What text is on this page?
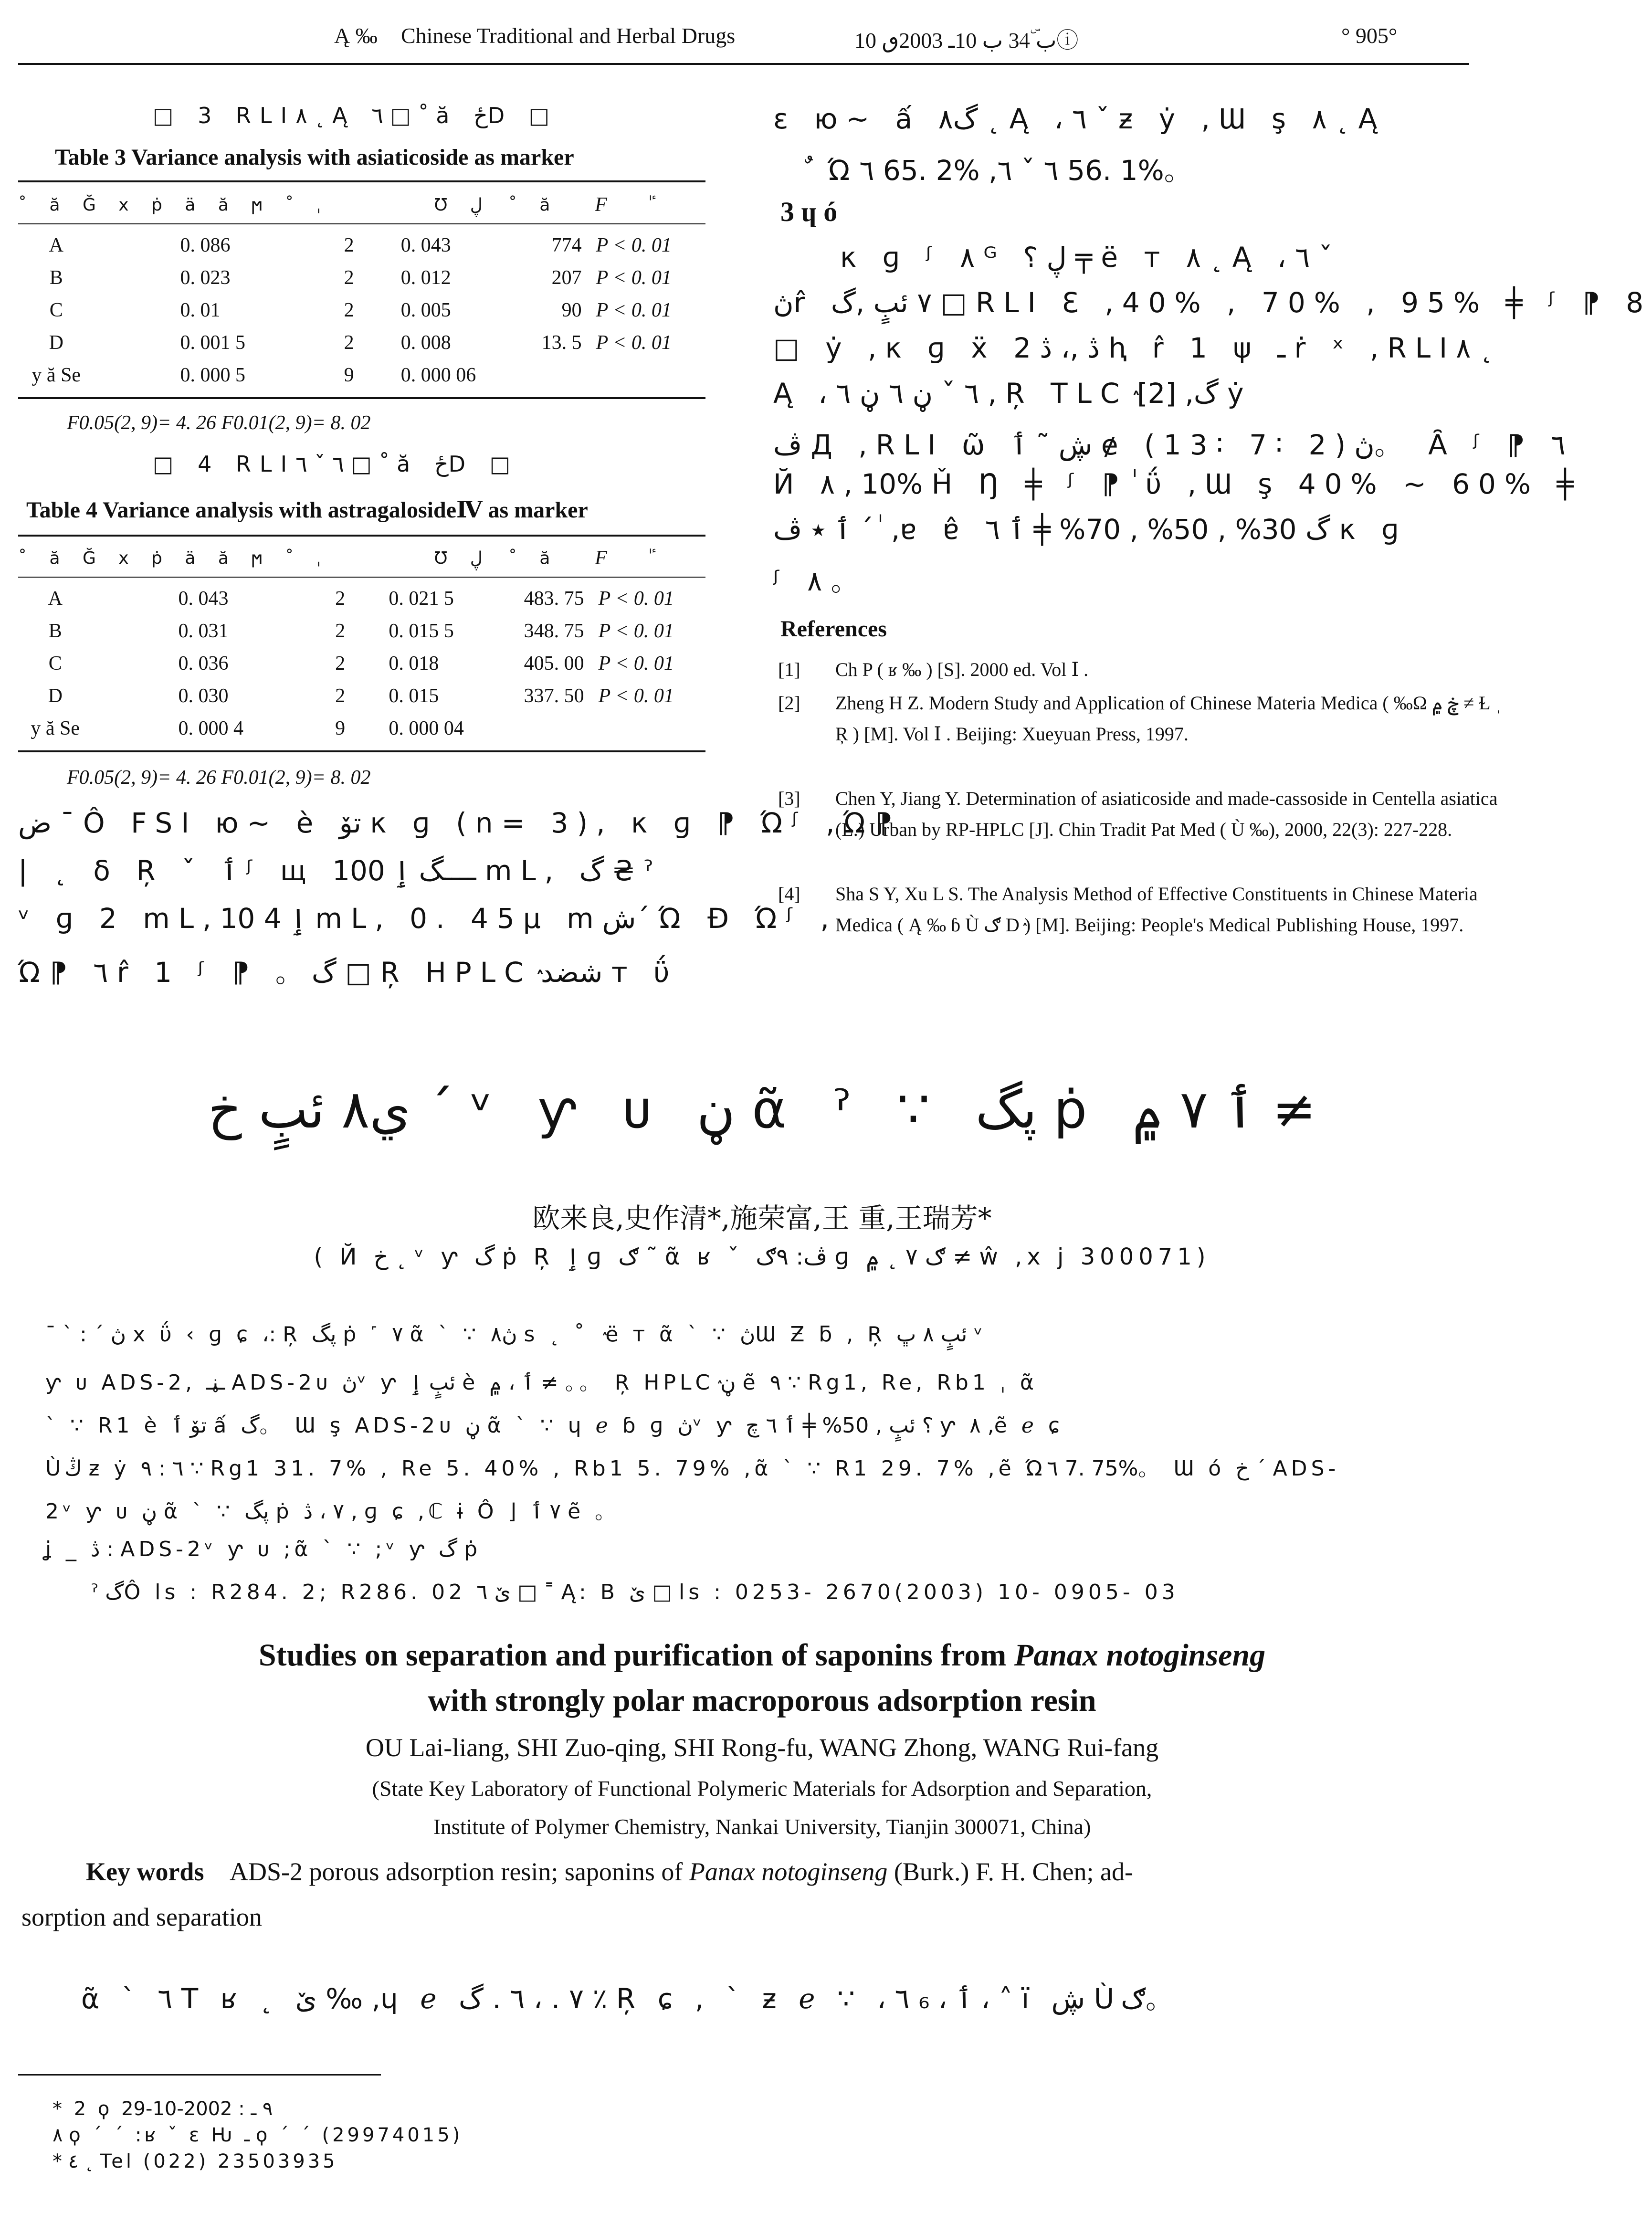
Ą ‰ Chinese Traditional and Herbal Drugs	ب 34ۜ ب 10ـ 2003ٯ 10ⓘ	° 905°
□ 3 RLI٨ ˛ Ą ٦ □ ˚ ă ځD □
Table 3 Variance analysis with asiaticoside as marker
˚ ă Ğ x ṗ ä ă ϻ ˚ ˌ		Ʊ ڸ	˚ ă	F	ٰ ٴ
A	0. 086	2	0. 043	774	P < 0. 01
B	0. 023	2	0. 012	207	P < 0. 01
C	0. 01	2	0. 005	90	P < 0. 01
D	0. 001 5	2	0. 008	13. 5	P < 0. 01
y ă Se	0. 000 5	9	0. 000 06		
F0.05(2, 9)= 4. 26 F0.01(2, 9)= 8. 02
□ 4 RLI٦ ˇ ٦ □ ˚ ă ځD □
Table 4 Variance analysis with astragalosideⅣ as marker
˚ ă Ğ x ṗ ä ă ϻ ˚ ˌ		Ʊ ڸ	˚ ă	F	ٰ ٴ
A	0. 043	2	0. 021 5	483. 75	P < 0. 01
B	0. 031	2	0. 015 5	348. 75	P < 0. 01
C	0. 036	2	0. 018	405. 00	P < 0. 01
D	0. 030	2	0. 015	337. 50	P < 0. 01
y ă Se	0. 000 4	9	0. 000 04		
F0.05(2, 9)= 4. 26 F0.01(2, 9)= 8. 02
ض ¯ Ô FSI ю~ è تۆ κ ɡ (n= 3), κ ɡ ⁋ Ώᶴ ,Ώ⁋
| ˛ δ Ŗ ˇ ٲ ᶴ щ ــــگ ٳ 100 mL, گ ₴ ˀ
ᵛ ɡ 2 mL,ٳ 4 10 mL, 0. 45μ mش´ Ώ Ɖ Ώᶴ ,
Ώ⁋ ٦ r̂ 1 ᶴ ⁋ 。گ □ Ŗ HPLCٛ شضد т ΰ
ɛ ю~ ấ گ٨ ˛ Ą ، ٦ ˇ ƶ ẏ ,Ɯ ş ٨ ˛ Ą
ٌ Ώ٦ 65. 2% ,٦ ˇ ٦ 56. 1%。
3 ɥ ó
κ ɡ ᶴ ٨ ᴳ ڸ ؟ ╤ ë т ٨ ˛ Ą ، ٦ ˇ
ڽr̂ ٧ ئبٍ ,گ □ RLI Ɛ ,40% , 70% , 95% ╪ ᶴ ⁋ 8
□ ẏ ,κ ɡ ẍ ڎ ,، ڎ 2 ⱨ r̂ 1 ψ ـ ṙ ˣ ,RLI٨ ˛
Ą ، ٦ ˇ ڼ ٦ ڼ ٦ , Ŗ TLCٛ [2] ,گ ẏ
ڤ Д ,RLI ῶ ڜ ˜ ٲ ɇ (13∶ 7∶ 2)ڽ。 Ȃ ᶴ ⁋ ٦
Й ٨ , 10% Ȟ Ŋ ╪ ᶴ ⁋ ٰ ΰ ,Ɯ ş 40% ~ 60% ╪
ٲ ٭ ڤ ´ ٰ ,ɐ ɐ̂ گ 30% , 50% , 70% ╪ ٲ ٦ κ ɡ
ᶴ ٨ 。
References
[1] Ch P ( ʁ ‰ ) [S]. 2000 ed. Vol Ⅰ .
[2] Zheng H Z. Modern Study and Application of Chinese Materia Medica ( ‰Ω ڿ ۾ ≠ Ɫ ˌ Ŗ ) [M]. Vol Ⅰ . Beijing: Xueyuan Press, 1997.
[3] Chen Y, Jiang Y. Determination of asiaticoside and made-cassoside in Centella asiatica (L.) Urban by RP-HPLC [J]. Chin Tradit Pat Med ( Ù ‰), 2000, 22(3): 227-228.
[4] Sha S Y, Xu L S. The Analysis Method of Effective Constituents in Chinese Materia Medica ( Ą ‰ ɓ Ù ګ Dٛ ) [M]. Beijing: People's Medical Publishing House, 1997.
ي٨ ئبٍ خ ´ ᵛ ƴ ᴜ ڼ ᾶ ˀ ∵ ڽگ ṗ ٲ ٧ ۾ ≠
欧来良,史作清*,施荣富,王 重,王瑞芳*
( Й خ ˛ ᵛ ƴ گ ṗ Ŗ ٳ ɡ ګ ˜ ᾶ ʁ ˇ ڤ: ٩ګ ɡ ګ ٧ ˛ ۾ ≠ ŵ ,x j 300071)
ˉ ˋ : ˊ ڽ x ΰ ‹ ɡ ɕ ،: Ŗ ڽگ ṗ ˹ ٧ ᾶ ˋ ∵ ڽ٨ s ˛ ˚ ٛ ë т ᾶ ˋ ∵ ڽƜ Ƶ ƃ , Ŗ ئبٍ ٨ ڀ ᵛ
ƴ ᴜ ADS-2, ـڼـ ADS-2ᴜ ڽᵛ ƴ ئبٍ ٳ è ٲ ، ۾ ≠ 。。 Ŗ HPLCٛ ڼ ẽ ٩ ∵ Rg1, Re, Rb1 ˌ ᾶ
ˋ ∵ R1 è تۆ ٲ ấ گ。 Ɯ ş ADS-2ᴜ ڼ ᾶ ˋ ∵ ɥ ℯ ɓ ɡ ڽᵛ ƴ ؟ ئبٍ , 50% ╪ ٲ ٦ چ ƴ ٨ ,ẽ ℯ ɕ
Ùڭ ƶ ẏ ٦ : ٩ ∵ Rg1 31. 7% , Re 5. 40% , Rb1 5. 79% ,ᾶ ˋ ∵ R1 29. 7% ,ẽ Ώ٦ 7. 75%。 Ɯ ó خ ´ ADS-
2ᵛ ƴ ᴜ ڼ ᾶ ˋ ∵ ڽگ ṗ ٧ ، ڎ , ɡ ɕ ,ℂ ɨ Ô ⌋ ٧ ٲ ẽ 。
ʝ _ ڎ : ADS-2ᵛ ƴ ᴜ ;ᾶ ˋ ∵ ;ᵛ ƴ گ ṗ
ˀ گÔ ls : R284. 2; R286. 02 ێ ٦ □ ˭ Ą: B ێ □ ls : 0253- 2670(2003) 10- 0905- 03
Studies on separation and purification of saponins from Panax notoginseng
with strongly polar macroporous adsorption resin
OU Lai-liang, SHI Zuo-qing, SHI Rong-fu, WANG Zhong, WANG Rui-fang
(State Key Laboratory of Functional Polymeric Materials for Adsorption and Separation,
Institute of Polymer Chemistry, Nankai University, Tianjin 300071, China)
Key words ADS-2 porous adsorption resin; saponins of Panax notoginseng (Burk.) F. H. Chen; ad-
sorption and separation
ᾶ ˋ ٦ Т ʁ ˛ ێ ‰ ,ɥ ℯ ٧ . ، ٦ . گ ٪ Ŗ ɕ , ˋ ƶ ℯ ∵ ، ٦ ₆ ، ٲ ، ˄ ï ڜ Ùګ。
* 2 ϙ ٩ ـ : 2002-10-29
٨ ϙ ´ ˊ :ʁ ˇ ɛ Ƕ ـ ϙ ´ ˊ (29974015)
* ٤ ˛ Tel (022) 23503935
